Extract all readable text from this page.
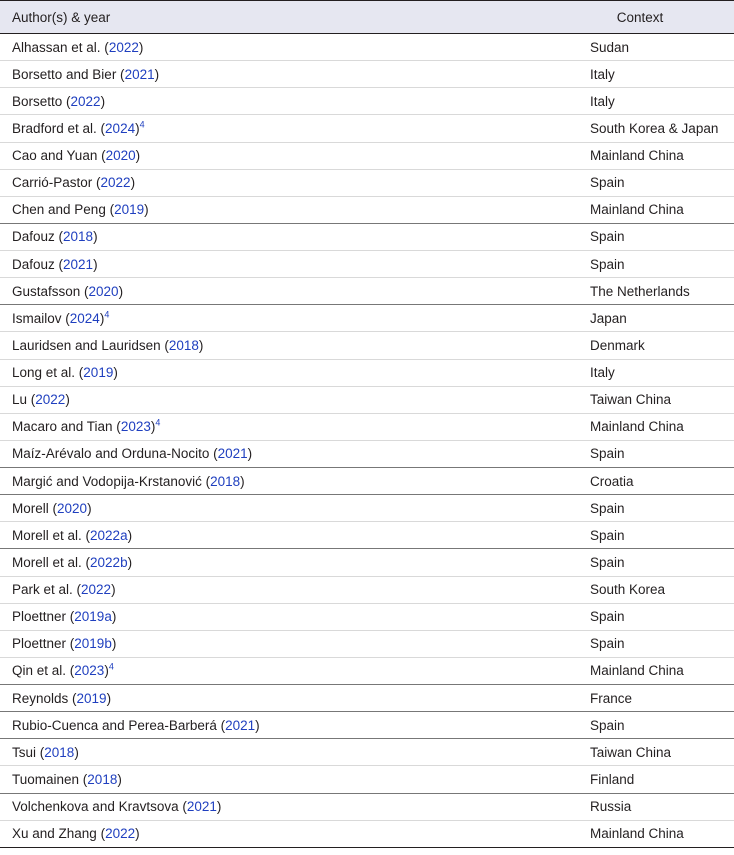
Author(s) & year	Context
Alhassan et al. (2022)	Sudan
Borsetto and Bier (2021)	Italy
Borsetto (2022)	Italy
Bradford et al. $(2024)^4$	South Korea & Japan
Cao and Yuan (2020)	Mainland China
Carrió-Pastor (2022)	Spain
Chen and Peng (2019)	Mainland China
Dafouz (2018)	Spain
Dafouz (2021)	Spain
Gustafsson (2020)	The Netherlands
Ismailov $(2024)^4$	Japan
Lauridsen and Lauridsen (2018)	Denmark
Long et al. (2019)	Italy
Lu (2022)	Taiwan China
Macaro and Tian $(2023)^4$	Mainland China
Maíz-Arévalo and Orduna-Nocito (2021)	Spain
Margić and Vodopija-Krstanović (2018)	Croatia
Morell (2020)	Spain
Morell et al. (2022a)	Spain
Morell et al. (2022b)	Spain
Park et al. (2022)	South Korea
Ploettner (2019a)	Spain
Ploettner (2019b)	Spain
Qin et al. $(2023)^4$	Mainland China
Reynolds (2019)	France
Rubio-Cuenca and Perea-Barberá (2021)	Spain
Tsui (2018)	Taiwan China
Tuomainen (2018)	Finland
Volchenkova and Kravtsova (2021)	Russia
Xu and Zhang (2022)	Mainland China
